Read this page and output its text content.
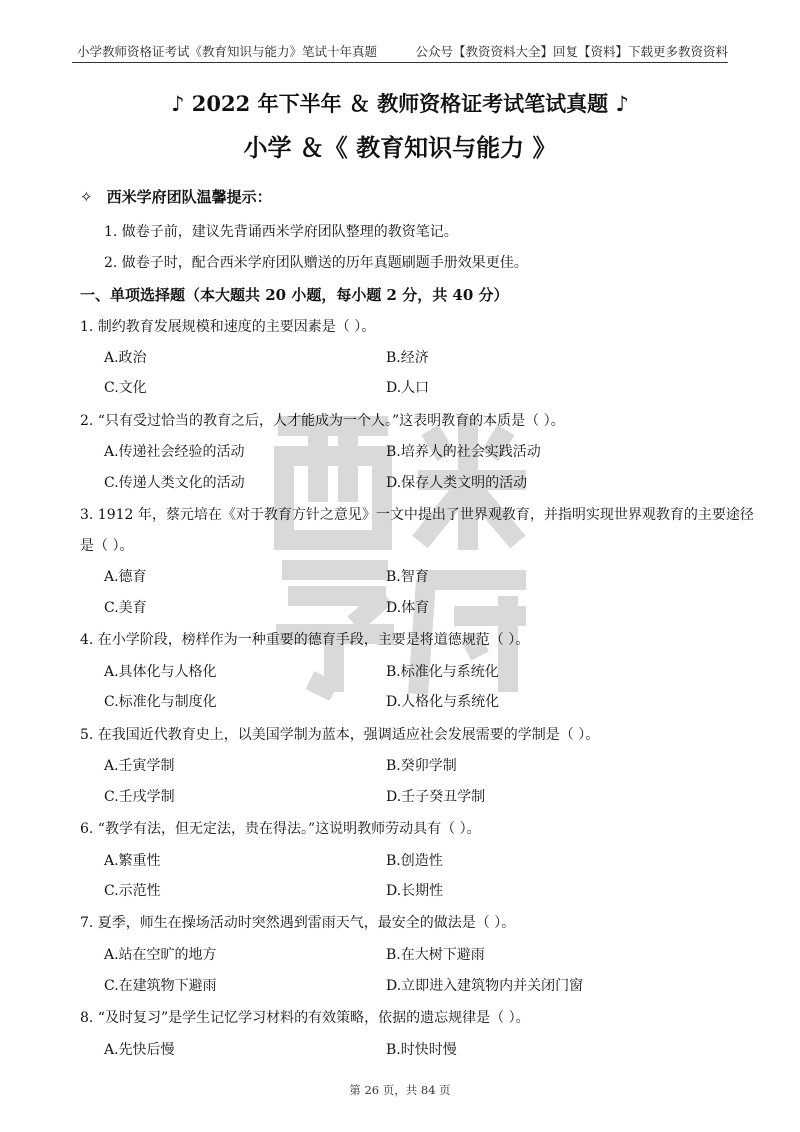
小学教师资格证考试《教育知识与能力》笔试十年真题	公众号【教资资料大全】回复【资料】下载更多教资资料
♪ 2022 年下半年 ＆ 教师资格证考试笔试真题 ♪
小学 ＆《 教育知识与能力 》
✧ 西米学府团队温馨提示：
1. 做卷子前，建议先背诵西米学府团队整理的教资笔记。
2. 做卷子时，配合西米学府团队赠送的历年真题刷题手册效果更佳。
一、单项选择题（本大题共 20 小题，每小题 2 分，共 40 分）
1. 制约教育发展规模和速度的主要因素是（ ）。
A.政治	B.经济
C.文化	D.人口
2. “只有受过恰当的教育之后，人才能成为一个人。”这表明教育的本质是（ ）。
A.传递社会经验的活动	B.培养人的社会实践活动
C.传递人类文化的活动	D.保存人类文明的活动
3. 1912 年，蔡元培在《对于教育方针之意见》一文中提出了世界观教育，并指明实现世界观教育的主要途径
是（ ）。
A.德育	B.智育
C.美育	D.体育
4. 在小学阶段，榜样作为一种重要的德育手段，主要是将道德规范（ ）。
A.具体化与人格化	B.标准化与系统化
C.标准化与制度化	D.人格化与系统化
5. 在我国近代教育史上，以美国学制为蓝本，强调适应社会发展需要的学制是（ ）。
A.壬寅学制	B.癸卯学制
C.壬戌学制	D.壬子癸丑学制
6. “教学有法，但无定法，贵在得法。”这说明教师劳动具有（ ）。
A.繁重性	B.创造性
C.示范性	D.长期性
7. 夏季，师生在操场活动时突然遇到雷雨天气，最安全的做法是（ ）。
A.站在空旷的地方	B.在大树下避雨
C.在建筑物下避雨	D.立即进入建筑物内并关闭门窗
8. “及时复习”是学生记忆学习材料的有效策略，依据的遗忘规律是（ ）。
A.先快后慢	B.时快时慢
第 26 页，共 84 页
